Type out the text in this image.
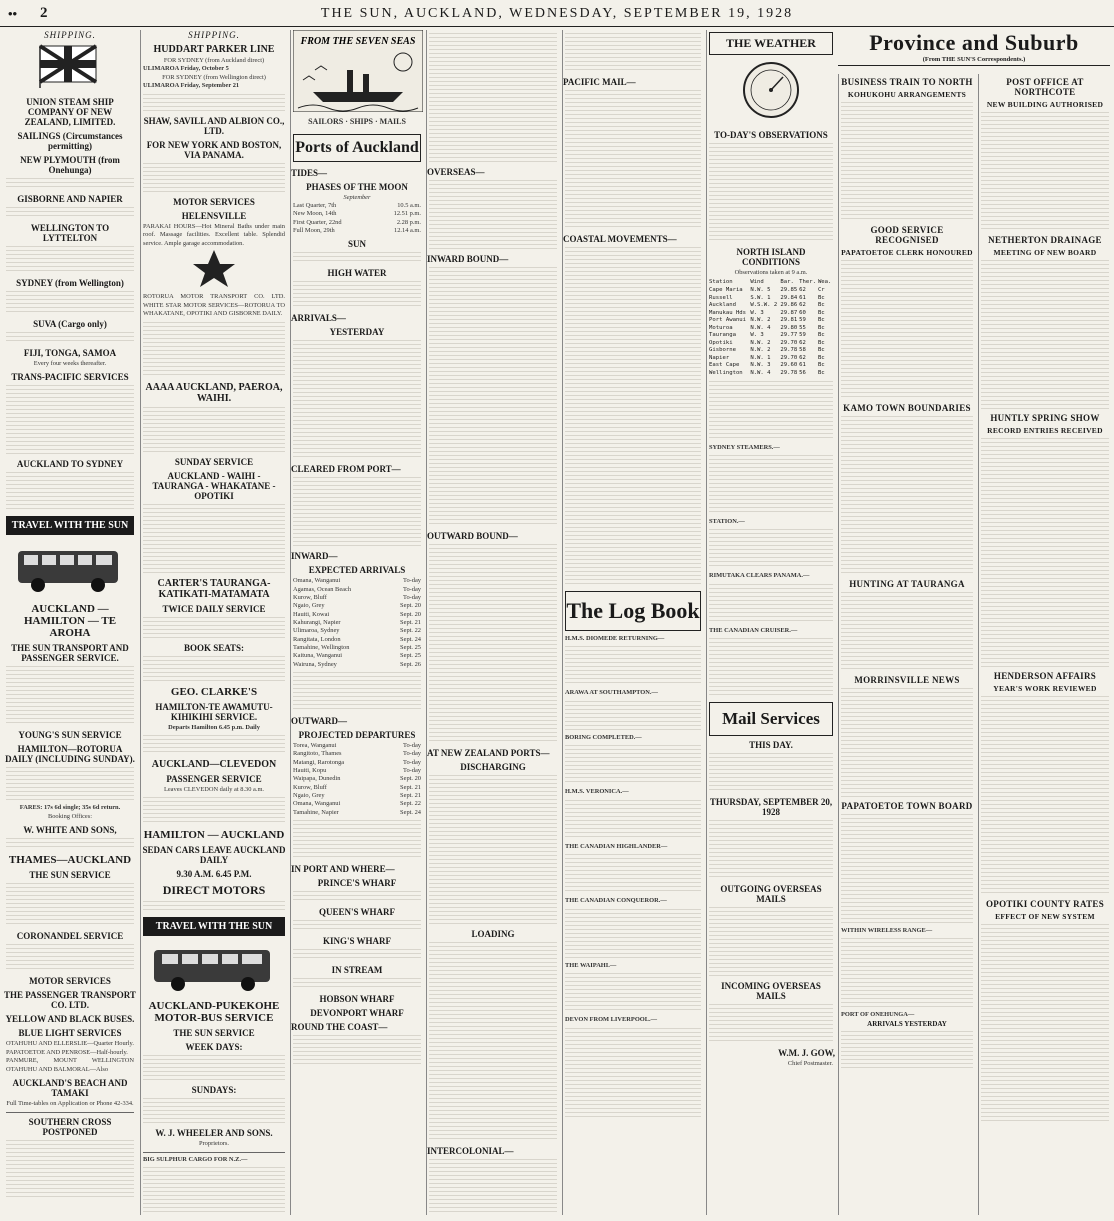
•• 2	THE SUN, AUCKLAND, WEDNESDAY, SEPTEMBER 19, 1928
SHIPPING.
UNION STEAM SHIP COMPANY OF NEW ZEALAND, LIMITED.
SAILINGS (Circumstances permitting)
NEW PLYMOUTH (from Onehunga)
GISBORNE AND NAPIER
WELLINGTON TO LYTTELTON
SYDNEY (from Wellington)
SUVA (Cargo only)
FIJI, TONGA, SAMOA
Every four weeks thereafter.
TRANS-PACIFIC SERVICES
AUCKLAND TO SYDNEY
TRAVEL WITH THE SUN
AUCKLAND — HAMILTON — TE AROHA
THE SUN TRANSPORT AND PASSENGER SERVICE.
YOUNG'S SUN SERVICE
HAMILTON—ROTORUA DAILY (INCLUDING SUNDAY).
FARES: 17s 6d single; 35s 6d return.
Booking Offices:
W. WHITE AND SONS,
THAMES—AUCKLAND
THE SUN SERVICE
CORONANDEL SERVICE
MOTOR SERVICES
THE PASSENGER TRANSPORT CO. LTD.
YELLOW AND BLACK BUSES.
BLUE LIGHT SERVICES
OTAHUHU AND ELLERSLIE—Quarter Hourly.
PAPATOETOE AND PENROSE—Half-hourly.
PANMURE, MOUNT WELLINGTON OTAHUHU AND BALMORAL—Also
AUCKLAND'S BEACH AND TAMAKI
Full Time-tables on Application or Phone 42-334.
SOUTHERN CROSS POSTPONED
SHIPPING.
HUDDART PARKER LINE
FOR SYDNEY (from Auckland direct)
ULIMAROA Friday, October 5
FOR SYDNEY (from Wellington direct)
ULIMAROA Friday, September 21
SHAW, SAVILL AND ALBION CO., LTD.
FOR NEW YORK AND BOSTON, VIA PANAMA.
MOTOR SERVICES
HELENSVILLE
PARAKAI HOURS—Hot Mineral Baths under main roof. Massage facilities. Excellent table. Splendid service. Ample garage accommodation.
ROTORUA MOTOR TRANSPORT CO. LTD. WHITE STAR MOTOR SERVICES—ROTORUA TO WHAKATANE, OPOTIKI AND GISBORNE DAILY.
AAAA AUCKLAND, PAEROA, WAIHI.
SUNDAY SERVICE
AUCKLAND - WAIHI - TAURANGA - WHAKATANE - OPOTIKI
CARTER'S TAURANGA-KATIKATI-MATAMATA
TWICE DAILY SERVICE
BOOK SEATS:
GEO. CLARKE'S
HAMILTON-TE AWAMUTU-KIHIKIHI SERVICE.
Departs Hamilton 6.45 p.m. Daily
AUCKLAND—CLEVEDON
PASSENGER SERVICE
Leaves CLEVEDON daily at 8.30 a.m.
HAMILTON — AUCKLAND
SEDAN CARS LEAVE AUCKLAND DAILY
9.30 A.M. 6.45 P.M.
DIRECT MOTORS
TRAVEL WITH THE SUN
AUCKLAND-PUKEKOHE MOTOR-BUS SERVICE
THE SUN SERVICE
WEEK DAYS:
SUNDAYS:
W. J. WHEELER AND SONS.
Proprietors.
BIG SULPHUR CARGO FOR N.Z.—
FROM THE SEVEN SEAS
SAILORS · SHIPS · MAILS
Ports of Auckland
TIDES—
PHASES OF THE MOON
September
Last Quarter, 7th	10.5 a.m.
New Moon, 14th	12.51 p.m.
First Quarter, 22nd	2.28 p.m.
Full Moon, 29th	12.14 a.m.
SUN
HIGH WATER
ARRIVALS—
YESTERDAY
CLEARED FROM PORT—
INWARD—
EXPECTED ARRIVALS
Omana, Wanganui	To-day
Agamas, Ocean Beach	To-day
Kurow, Bluff	To-day
Ngaio, Grey	Sept. 20
Hauiti, Kowai	Sept. 20
Kahurangi, Napier	Sept. 21
Ulimaroa, Sydney	Sept. 22
Rangitata, London	Sept. 24
Tamahine, Wellington	Sept. 25
Kaituna, Wanganui	Sept. 25
Wairuna, Sydney	Sept. 26
OUTWARD—
PROJECTED DEPARTURES
Toreа, Wanganui	To-day
Rangitoto, Thames	To-day
Matangi, Rarotonga	To-day
Hauiti, Kopu	To-day
Waipapa, Dunedin	Sept. 20
Kurow, Bluff	Sept. 21
Ngaio, Grey	Sept. 21
Omana, Wanganui	Sept. 22
Tamahine, Napier	Sept. 24
IN PORT AND WHERE—
PRINCE'S WHARF
QUEEN'S WHARF
KING'S WHARF
IN STREAM
HOBSON WHARF
DEVONPORT WHARF
ROUND THE COAST—
OVERSEAS—
INWARD BOUND—
OUTWARD BOUND—
AT NEW ZEALAND PORTS—
DISCHARGING
LOADING
INTERCOLONIAL—
PACIFIC MAIL—
COASTAL MOVEMENTS—
The Log Book
H.M.S. DIOMEDE RETURNING—
ARAWA AT SOUTHAMPTON.—
BORING COMPLETED.—
H.M.S. VERONICA.—
THE CANADIAN HIGHLANDER—
THE CANADIAN CONQUEROR.—
THE WAIPAHI.—
DEVON FROM LIVERPOOL.—
THE WEATHER
TO-DAY'S OBSERVATIONS
NORTH ISLAND CONDITIONS
Observations taken at 9 a.m.
Station	Wind	Bar.	Ther.	Wea.
Cape Maria	N.W. 5	29.85	62	Cr
Russell	S.W. 1	29.84	61	Bc
Auckland	W.S.W. 2	29.86	62	Bc
Manukau Hds	W. 3	29.87	60	Bc
Port Awanui	N.W. 2	29.81	59	Bc
Moturoa	N.W. 4	29.80	55	Bc
Tauranga	W. 3	29.77	59	Bc
Opotiki	N.W. 2	29.70	62	Bc
Gisborne	N.W. 2	29.78	58	Bc
Napier	N.W. 1	29.70	62	Bc
East Cape	N.W. 3	29.60	61	Bc
Wellington	N.W. 4	29.78	56	Bc
SYDNEY STEAMERS.—
STATION.—
RIMUTAKA CLEARS PANAMA.—
THE CANADIAN CRUISER.—
Mail Services
THIS DAY.
THURSDAY, SEPTEMBER 20, 1928
OUTGOING OVERSEAS MAILS
INCOMING OVERSEAS MAILS
W.M. J. GOW,
Chief Postmaster.
Province and Suburb
(From THE SUN'S Correspondents.)
BUSINESS TRAIN TO NORTH
KOHUKOHU ARRANGEMENTS
GOOD SERVICE RECOGNISED
PAPATOETOE CLERK HONOURED
KAMO TOWN BOUNDARIES
HUNTING AT TAURANGA
MORRINSVILLE NEWS
PAPATOETOE TOWN BOARD
WITHIN WIRELESS RANGE—
PORT OF ONEHUNGA—
ARRIVALS YESTERDAY
POST OFFICE AT NORTHCOTE
NEW BUILDING AUTHORISED
NETHERTON DRAINAGE
MEETING OF NEW BOARD
HUNTLY SPRING SHOW
RECORD ENTRIES RECEIVED
HENDERSON AFFAIRS
YEAR'S WORK REVIEWED
OPOTIKI COUNTY RATES
EFFECT OF NEW SYSTEM
